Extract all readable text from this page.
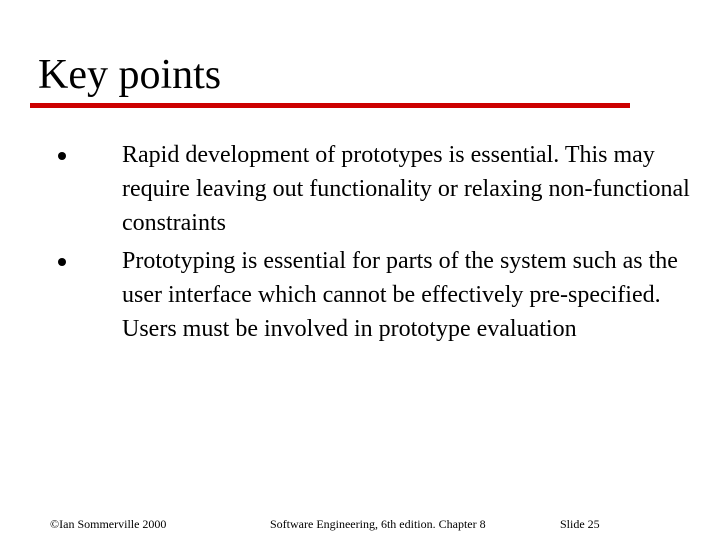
Key points
Rapid development of prototypes is essential. This may require leaving out functionality or relaxing non-functional constraints
Prototyping is essential for parts of the system such as the user interface which cannot be effectively pre-specified. Users must be involved in prototype evaluation
©Ian Sommerville 2000	Software Engineering, 6th edition. Chapter 8	Slide 25
